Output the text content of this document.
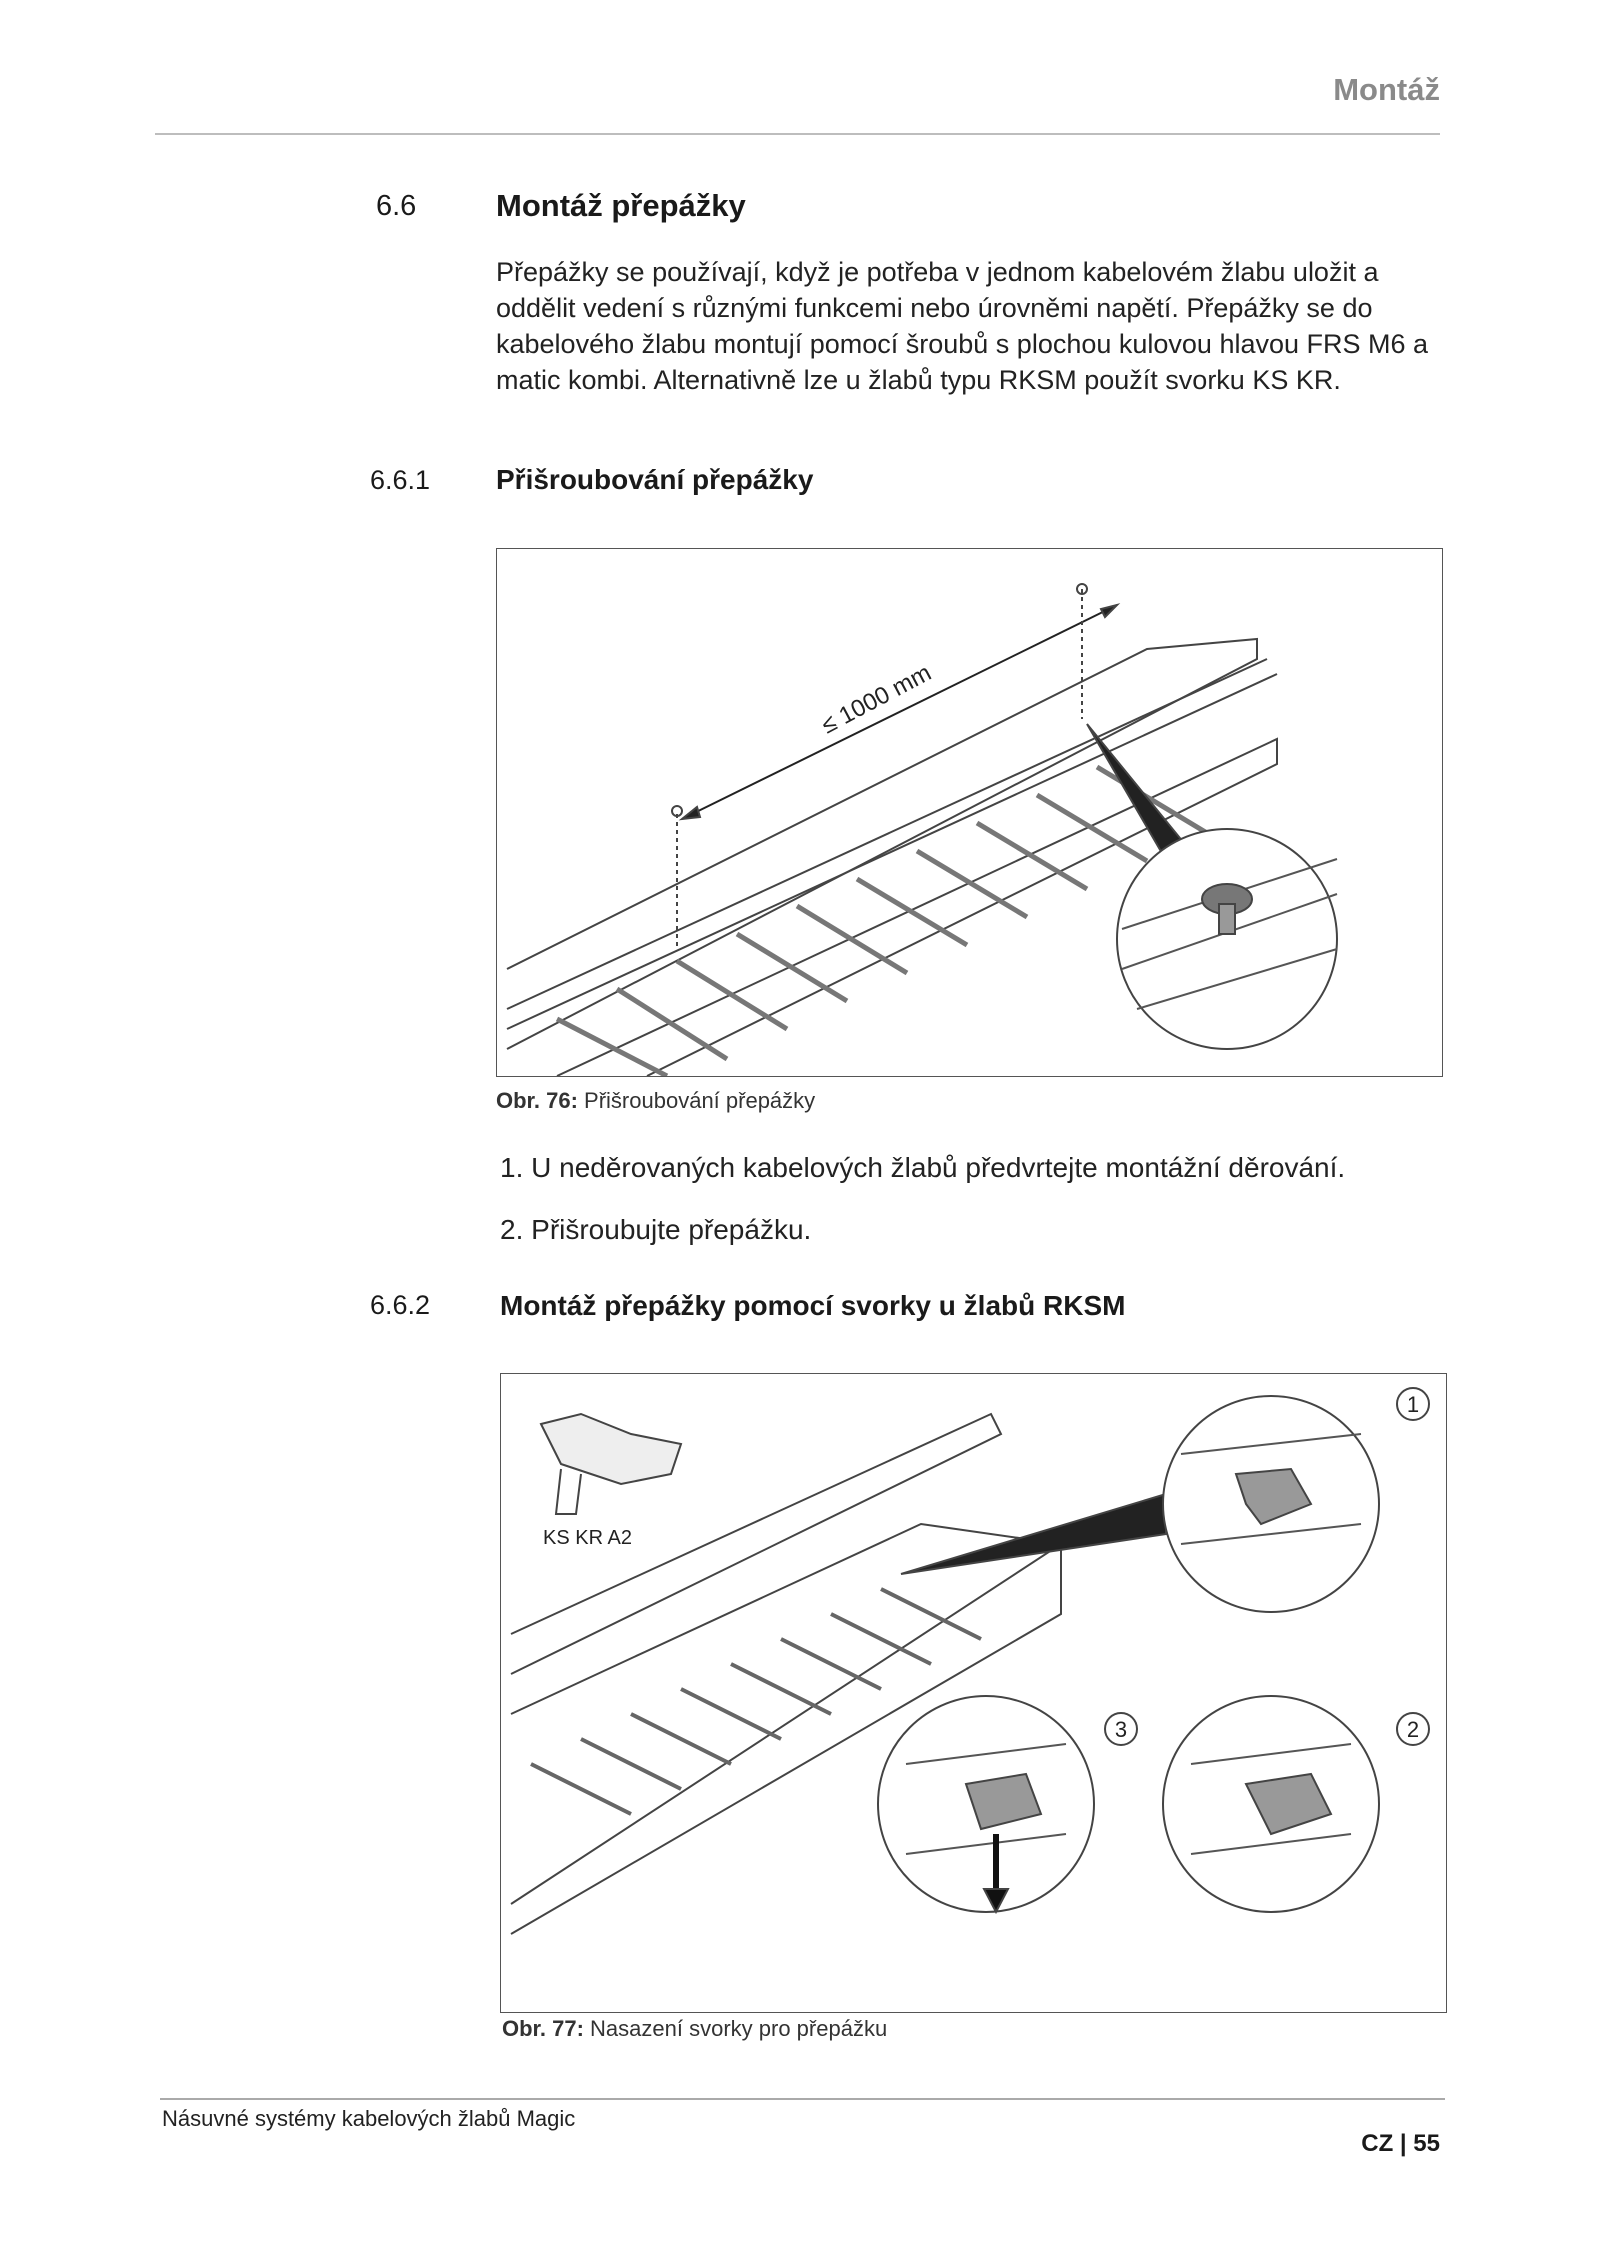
Montáž
6.6	Montáž přepážky
Přepážky se používají, když je potřeba v jednom kabelovém žlabu uložit a oddělit vedení s různými funkcemi nebo úrovněmi napětí. Přepážky se do kabelového žlabu montují pomocí šroubů s plochou kulovou hlavou FRS M6 a matic kombi. Alternativně lze u žlabů typu RKSM použít svorku KS KR.
6.6.1 Přišroubování přepážky
≤ 1000 mm
Obr. 76: Přišroubování přepážky
1. U neděrovaných kabelových žlabů předvrtejte montážní děrování.
2. Přišroubujte přepážku.
6.6.2 Montáž přepážky pomocí svorky u žlabů RKSM
1
2
3
KS KR A2
Obr. 77: Nasazení svorky pro přepážku
Násuvné systémy kabelových žlabů Magic
CZ | 55
